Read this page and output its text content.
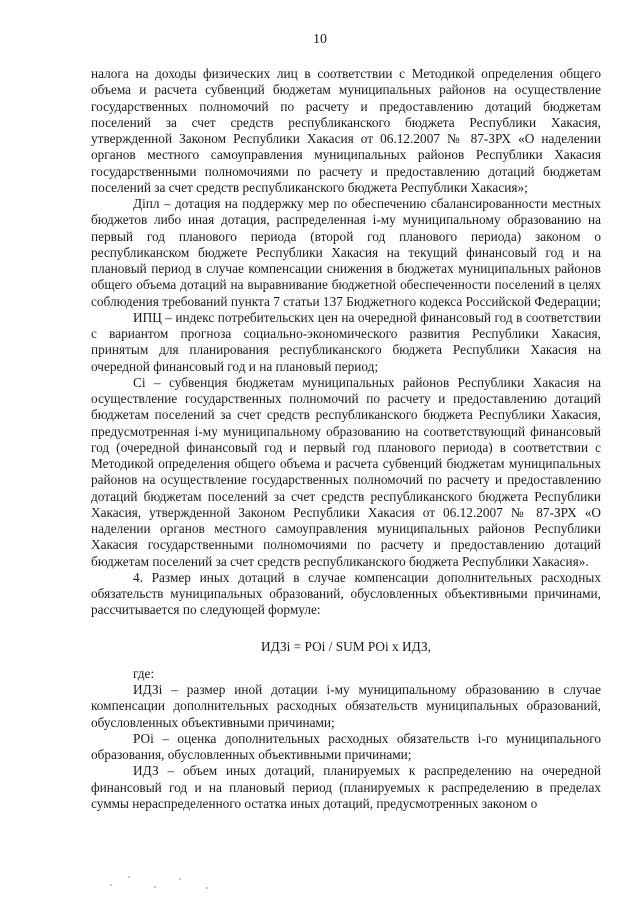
10

налога на доходы физических лиц в соответствии с Методикой определения общего объема и расчета субвенций бюджетам муниципальных районов на осуществление государственных полномочий по расчету и предоставлению дотаций бюджетам поселений за счет средств республиканского бюджета Республики Хакасия, утвержденной Законом Республики Хакасия от 06.12.2007 № 87-ЗРХ «О наделении органов местного самоуправления муниципальных районов Республики Хакасия государственными полномочиями по расчету и предоставлению дотаций бюджетам поселений за счет средств республиканского бюджета Республики Хакасия»;

Дiпл – дотация на поддержку мер по обеспечению сбалансированности местных бюджетов либо иная дотация, распределенная i-му муниципальному образованию на первый год планового периода (второй год планового периода) законом о республиканском бюджете Республики Хакасия на текущий финансовый год и на плановый период в случае компенсации снижения в бюджетах муниципальных районов общего объема дотаций на выравнивание бюджетной обеспеченности поселений в целях соблюдения требований пункта 7 статьи 137 Бюджетного кодекса Российской Федерации;

ИПЦ – индекс потребительских цен на очередной финансовый год в соответствии с вариантом прогноза социально-экономического развития Республики Хакасия, принятым для планирования республиканского бюджета Республики Хакасия на очередной финансовый год и на плановый период;

Сi – субвенция бюджетам муниципальных районов Республики Хакасия на осуществление государственных полномочий по расчету и предоставлению дотаций бюджетам поселений за счет средств республиканского бюджета Республики Хакасия, предусмотренная i-му муниципальному образованию на соответствующий финансовый год (очередной финансовый год и первый год планового периода) в соответствии с Методикой определения общего объема и расчета субвенций бюджетам муниципальных районов на осуществление государственных полномочий по расчету и предоставлению дотаций бюджетам поселений за счет средств республиканского бюджета Республики Хакасия, утвержденной Законом Республики Хакасия от 06.12.2007 № 87-ЗРХ «О наделении органов местного самоуправления муниципальных районов Республики Хакасия государственными полномочиями по расчету и предоставлению дотаций бюджетам поселений за счет средств республиканского бюджета Республики Хакасия».

4. Размер иных дотаций в случае компенсации дополнительных расходных обязательств муниципальных образований, обусловленных объективными причинами, рассчитывается по следующей формуле:

ИДЗi = РОi / SUM РОi x ИДЗ,

где:

ИДЗi – размер иной дотации i-му муниципальному образованию в случае компенсации дополнительных расходных обязательств муниципальных образований, обусловленных объективными причинами;

РОi – оценка дополнительных расходных обязательств i-го муниципального образования, обусловленных объективными причинами;

ИДЗ – объем иных дотаций, планируемых к распределению на очередной финансовый год и на плановый период (планируемых к распределению в пределах суммы нераспределенного остатка иных дотаций, предусмотренных законом о
